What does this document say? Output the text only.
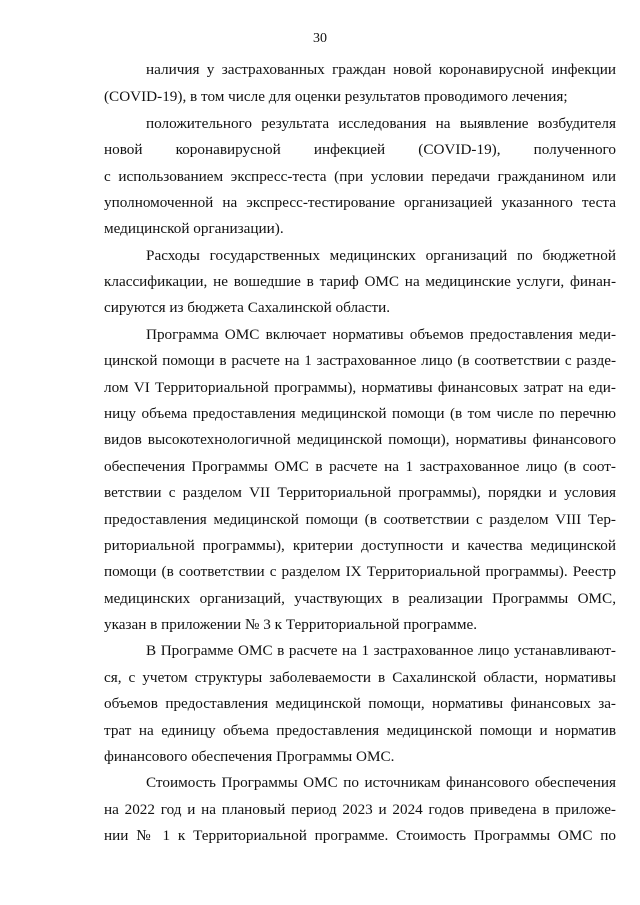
30
наличия у застрахованных граждан новой коронавирусной инфекции
(COVID-19), в том числе для оценки результатов проводимого лечения;
положительного результата исследования на выявление возбудителя
новой коронавирусной инфекцией (COVID-19), полученного
с использованием экспресс-теста (при условии передачи гражданином или
уполномоченной на экспресс-тестирование организацией указанного теста
медицинской организации).
Расходы государственных медицинских организаций по бюджетной
классификации, не вошедшие в тариф ОМС на медицинские услуги, финан-
сируются из бюджета Сахалинской области.
Программа ОМС включает нормативы объемов предоставления меди-
цинской помощи в расчете на 1 застрахованное лицо (в соответствии с разде-
лом VI Территориальной программы), нормативы финансовых затрат на еди-
ницу объема предоставления медицинской помощи (в том числе по перечню
видов высокотехнологичной медицинской помощи), нормативы финансового
обеспечения Программы ОМС в расчете на 1 застрахованное лицо (в соот-
ветствии с разделом VII Территориальной программы), порядки и условия
предоставления медицинской помощи (в соответствии с разделом VIII Тер-
риториальной программы), критерии доступности и качества медицинской
помощи (в соответствии с разделом IX Территориальной программы). Реестр
медицинских организаций, участвующих в реализации Программы ОМС,
указан в приложении № 3 к Территориальной программе.
В Программе ОМС в расчете на 1 застрахованное лицо устанавливают-
ся, с учетом структуры заболеваемости в Сахалинской области, нормативы
объемов предоставления медицинской помощи, нормативы финансовых за-
трат на единицу объема предоставления медицинской помощи и норматив
финансового обеспечения Программы ОМС.
Стоимость Программы ОМС по источникам финансового обеспечения
на 2022 год и на плановый период 2023 и 2024 годов приведена в приложе-
нии № 1 к Территориальной программе. Стоимость Программы ОМС по
